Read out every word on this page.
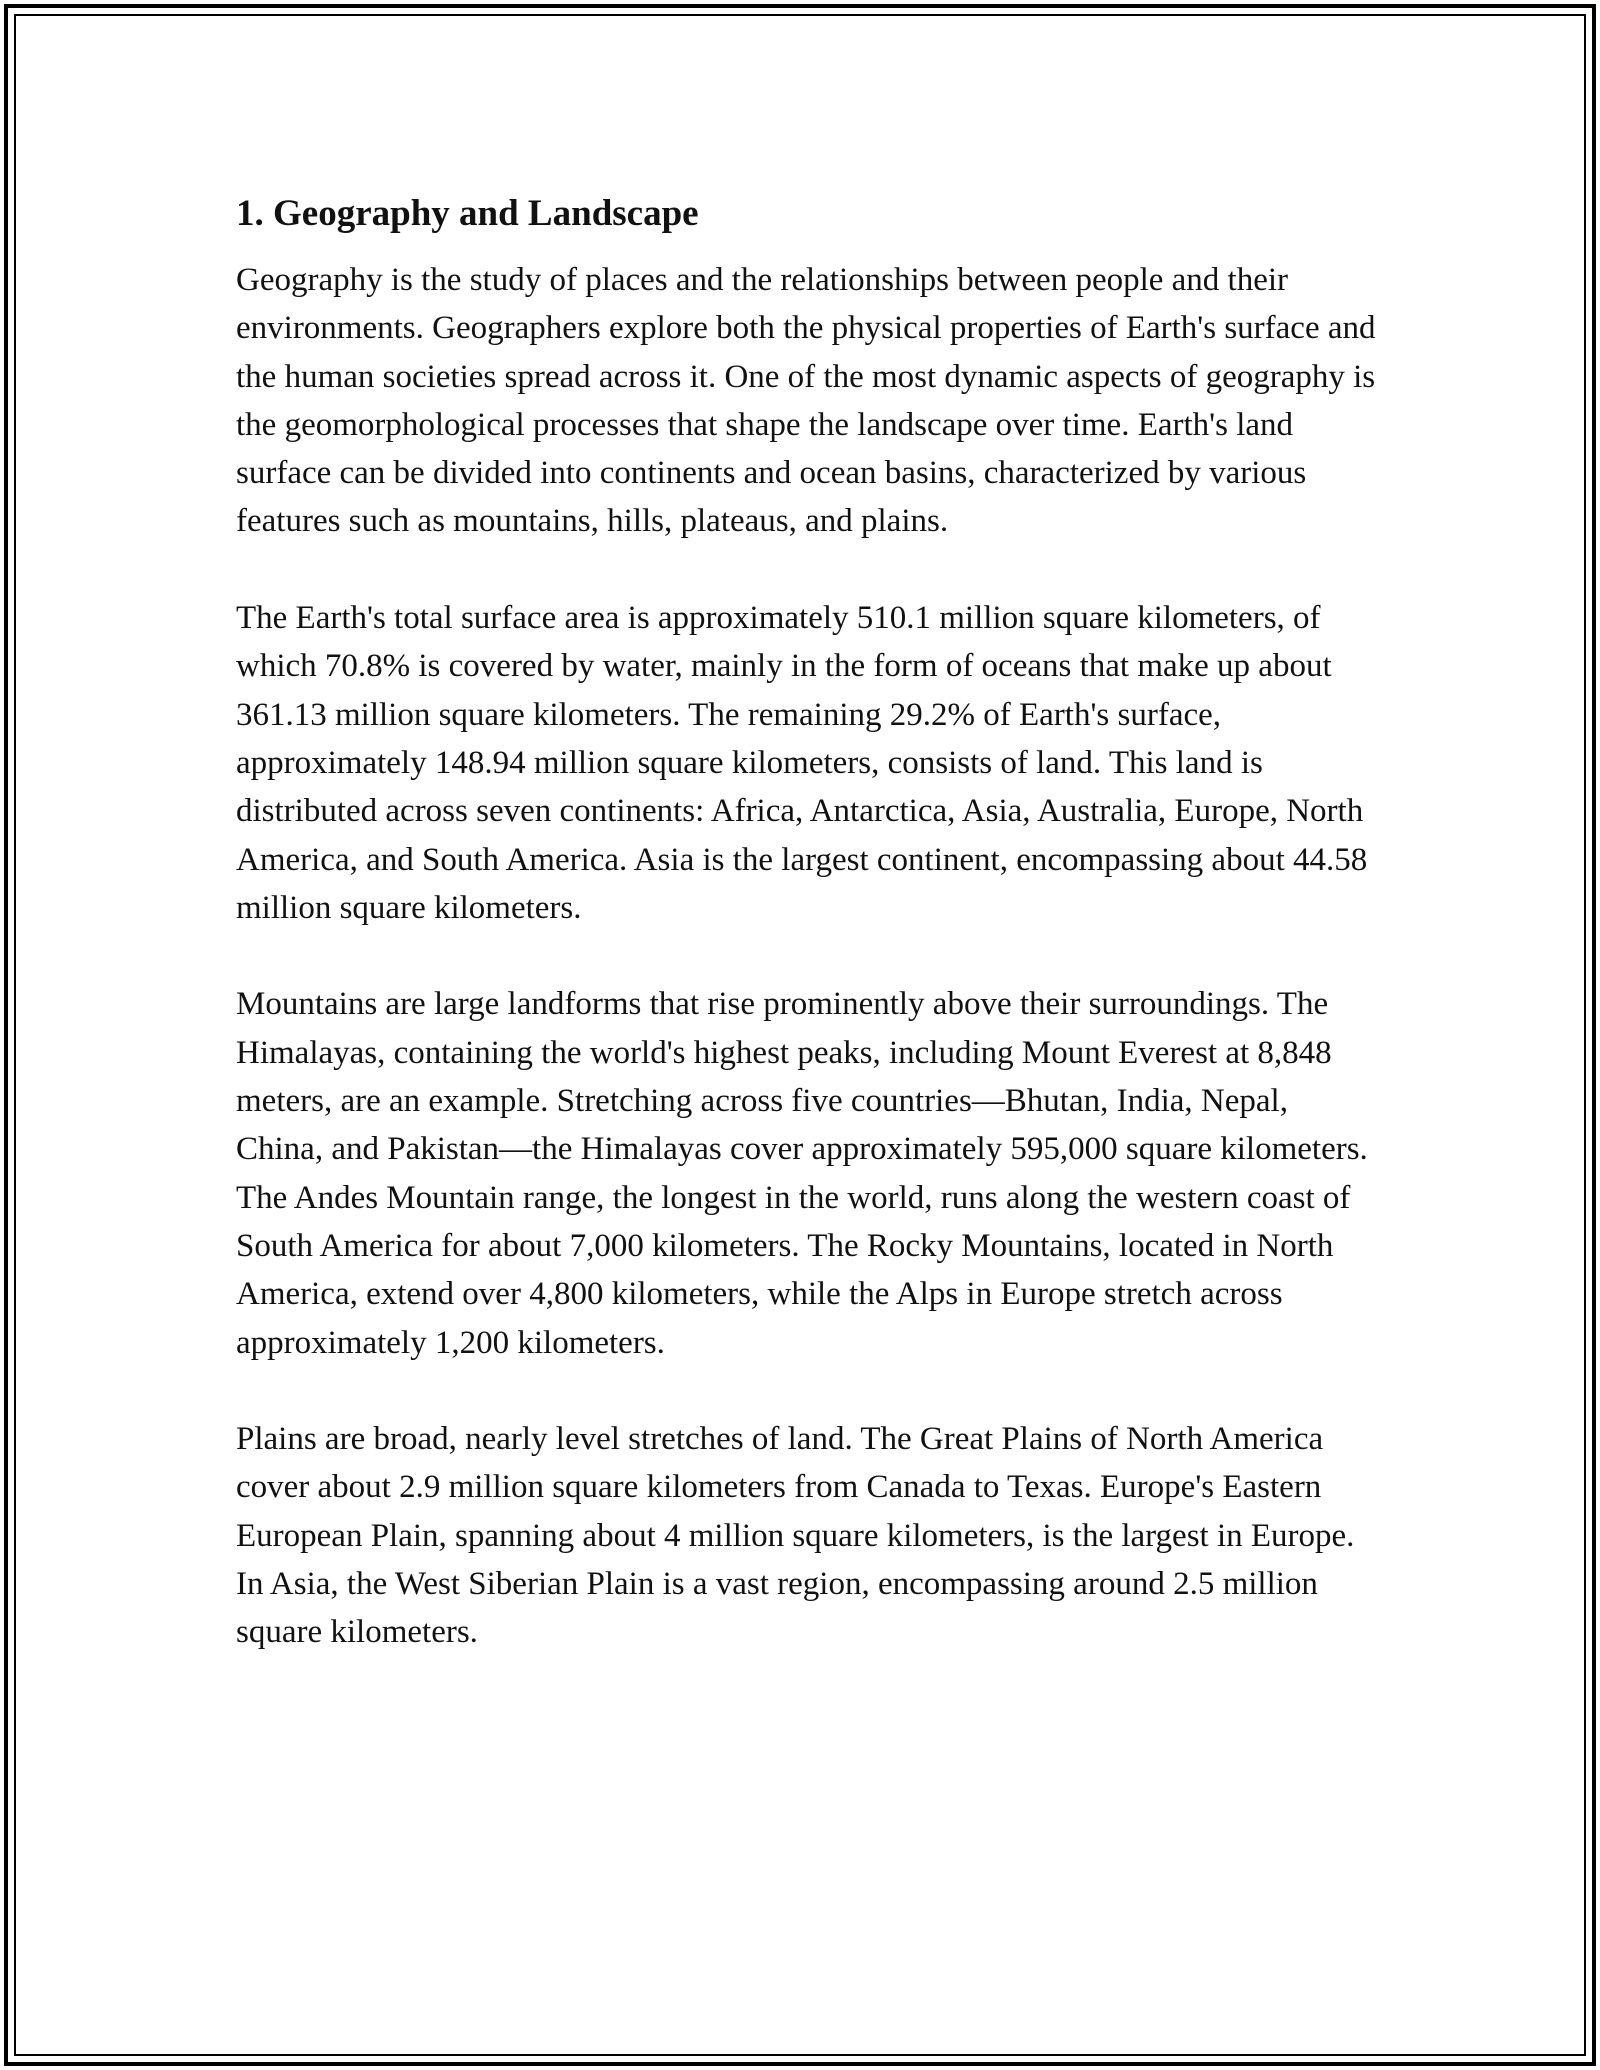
1. Geography and Landscape

Geography is the study of places and the relationships between people and their environments. Geographers explore both the physical properties of Earth's surface and the human societies spread across it. One of the most dynamic aspects of geography is the geomorphological processes that shape the landscape over time. Earth's land surface can be divided into continents and ocean basins, characterized by various features such as mountains, hills, plateaus, and plains.

The Earth's total surface area is approximately 510.1 million square kilometers, of which 70.8% is covered by water, mainly in the form of oceans that make up about 361.13 million square kilometers. The remaining 29.2% of Earth's surface, approximately 148.94 million square kilometers, consists of land. This land is distributed across seven continents: Africa, Antarctica, Asia, Australia, Europe, North America, and South America. Asia is the largest continent, encompassing about 44.58 million square kilometers.

Mountains are large landforms that rise prominently above their surroundings. The Himalayas, containing the world's highest peaks, including Mount Everest at 8,848 meters, are an example. Stretching across five countries—Bhutan, India, Nepal, China, and Pakistan—the Himalayas cover approximately 595,000 square kilometers. The Andes Mountain range, the longest in the world, runs along the western coast of South America for about 7,000 kilometers. The Rocky Mountains, located in North America, extend over 4,800 kilometers, while the Alps in Europe stretch across approximately 1,200 kilometers.

Plains are broad, nearly level stretches of land. The Great Plains of North America cover about 2.9 million square kilometers from Canada to Texas. Europe's Eastern European Plain, spanning about 4 million square kilometers, is the largest in Europe. In Asia, the West Siberian Plain is a vast region, encompassing around 2.5 million square kilometers.
